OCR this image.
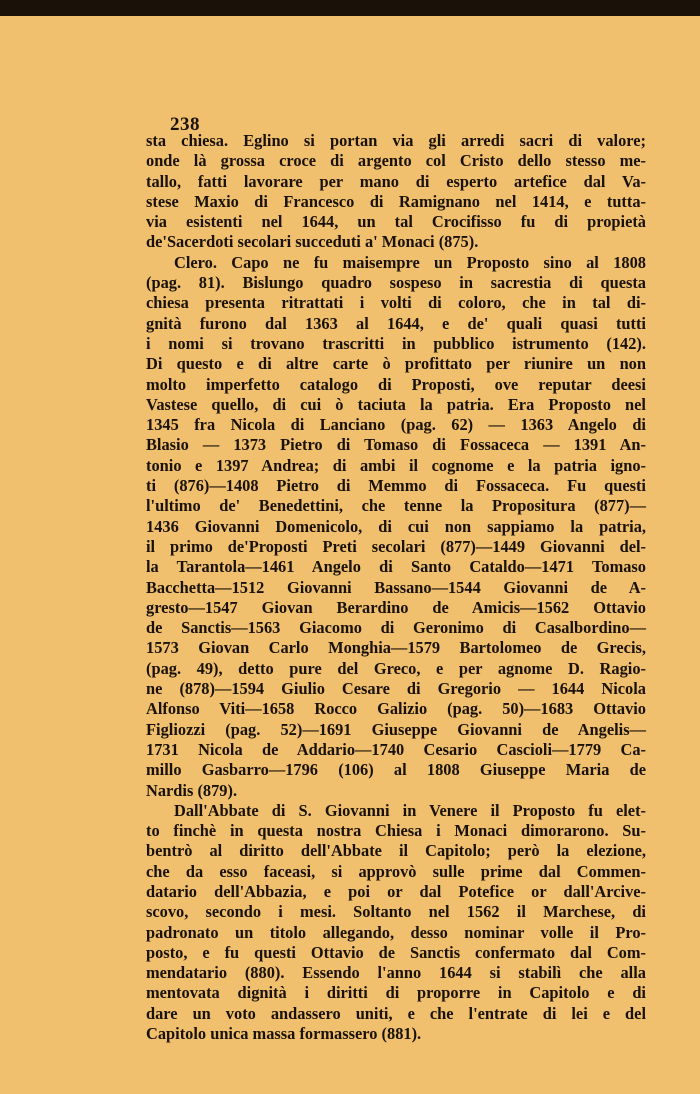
238
sta chiesa. Eglino si portan via gli arredi sacri di valore;
onde là grossa croce di argento col Cristo dello stesso me-
tallo, fatti lavorare per mano di esperto artefice dal Va-
stese Maxio di Francesco di Ramignano nel 1414, e tutta-
via esistenti nel 1644, un tal Crocifisso fu di propietà
de'Sacerdoti secolari succeduti a' Monaci (875).
Clero. Capo ne fu maisempre un Proposto sino al 1808
(pag. 81). Bislungo quadro sospeso in sacrestia di questa
chiesa presenta ritrattati i volti di coloro, che in tal di-
gnità furono dal 1363 al 1644, e de' quali quasi tutti
i nomi si trovano trascritti in pubblico istrumento (142).
Di questo e di altre carte ò profittato per riunire un non
molto imperfetto catalogo di Proposti, ove reputar deesi
Vastese quello, di cui ò taciuta la patria. Era Proposto nel
1345 fra Nicola di Lanciano (pag. 62) — 1363 Angelo di
Blasio — 1373 Pietro di Tomaso di Fossaceca — 1391 An-
tonio e 1397 Andrea; di ambi il cognome e la patria igno-
ti (876)—1408 Pietro di Memmo di Fossaceca. Fu questi
l'ultimo de' Benedettini, che tenne la Propositura (877)—
1436 Giovanni Domenicolo, di cui non sappiamo la patria,
il primo de'Proposti Preti secolari (877)—1449 Giovanni del-
la Tarantola—1461 Angelo di Santo Cataldo—1471 Tomaso
Bacchetta—1512 Giovanni Bassano—1544 Giovanni de A-
gresto—1547 Giovan Berardino de Amicis—1562 Ottavio
de Sanctis—1563 Giacomo di Geronimo di Casalbordino—
1573 Giovan Carlo Monghia—1579 Bartolomeo de Grecis,
(pag. 49), detto pure del Greco, e per agnome D. Ragio-
ne (878)—1594 Giulio Cesare di Gregorio — 1644 Nicola
Alfonso Viti—1658 Rocco Galizio (pag. 50)—1683 Ottavio
Figliozzi (pag. 52)—1691 Giuseppe Giovanni de Angelis—
1731 Nicola de Addario—1740 Cesario Cascioli—1779 Ca-
millo Gasbarro—1796 (106) al 1808 Giuseppe Maria de
Nardis (879).
Dall'Abbate di S. Giovanni in Venere il Proposto fu elet-
to finchè in questa nostra Chiesa i Monaci dimorarono. Su-
bentrò al diritto dell'Abbate il Capitolo; però la elezione,
che da esso faceasi, si approvò sulle prime dal Commen-
datario dell'Abbazia, e poi or dal Potefice or dall'Arcive-
scovo, secondo i mesi. Soltanto nel 1562 il Marchese, di
padronato un titolo allegando, desso nominar volle il Pro-
posto, e fu questi Ottavio de Sanctis confermato dal Com-
mendatario (880). Essendo l'anno 1644 si stabilì che alla
mentovata dignità i diritti di proporre in Capitolo e di
dare un voto andassero uniti, e che l'entrate di lei e del
Capitolo unica massa formassero (881).
